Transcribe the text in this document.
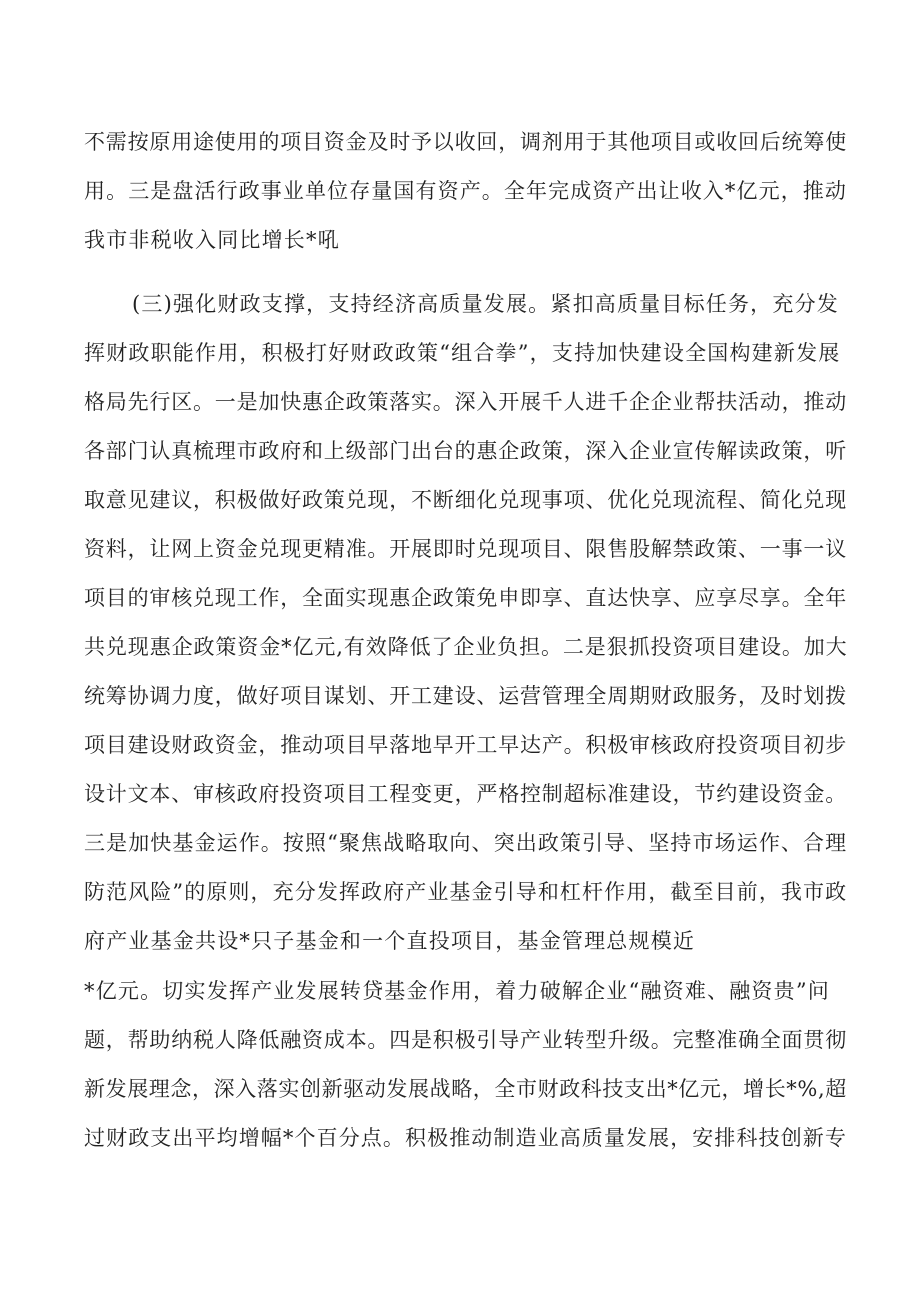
不需按原用途使用的项目资金及时予以收回，调剂用于其他项目或收回后统筹使
用。三是盘活行政事业单位存量国有资产。全年完成资产出让收入*亿元，推动
我市非税收入同比增长*吼
(三)强化财政支撑，支持经济高质量发展。紧扣高质量目标任务，充分发
挥财政职能作用，积极打好财政政策“组合拳”，支持加快建设全国构建新发展
格局先行区。一是加快惠企政策落实。深入开展千人进千企企业帮扶活动，推动
各部门认真梳理市政府和上级部门出台的惠企政策，深入企业宣传解读政策，听
取意见建议，积极做好政策兑现，不断细化兑现事项、优化兑现流程、简化兑现
资料，让网上资金兑现更精准。开展即时兑现项目、限售股解禁政策、一事一议
项目的审核兑现工作，全面实现惠企政策免申即享、直达快享、应享尽享。全年
共兑现惠企政策资金*亿元,有效降低了企业负担。二是狠抓投资项目建设。加大
统筹协调力度，做好项目谋划、开工建设、运营管理全周期财政服务，及时划拨
项目建设财政资金，推动项目早落地早开工早达产。积极审核政府投资项目初步
设计文本、审核政府投资项目工程变更，严格控制超标准建设，节约建设资金。
三是加快基金运作。按照“聚焦战略取向、突出政策引导、坚持市场运作、合理
防范风险”的原则，充分发挥政府产业基金引导和杠杆作用，截至目前，我市政
府产业基金共设*只子基金和一个直投项目，基金管理总规模近
*亿元。切实发挥产业发展转贷基金作用，着力破解企业“融资难、融资贵”问
题，帮助纳税人降低融资成本。四是积极引导产业转型升级。完整准确全面贯彻
新发展理念，深入落实创新驱动发展战略，全市财政科技支出*亿元，增长*%,超
过财政支出平均增幅*个百分点。积极推动制造业高质量发展，安排科技创新专
